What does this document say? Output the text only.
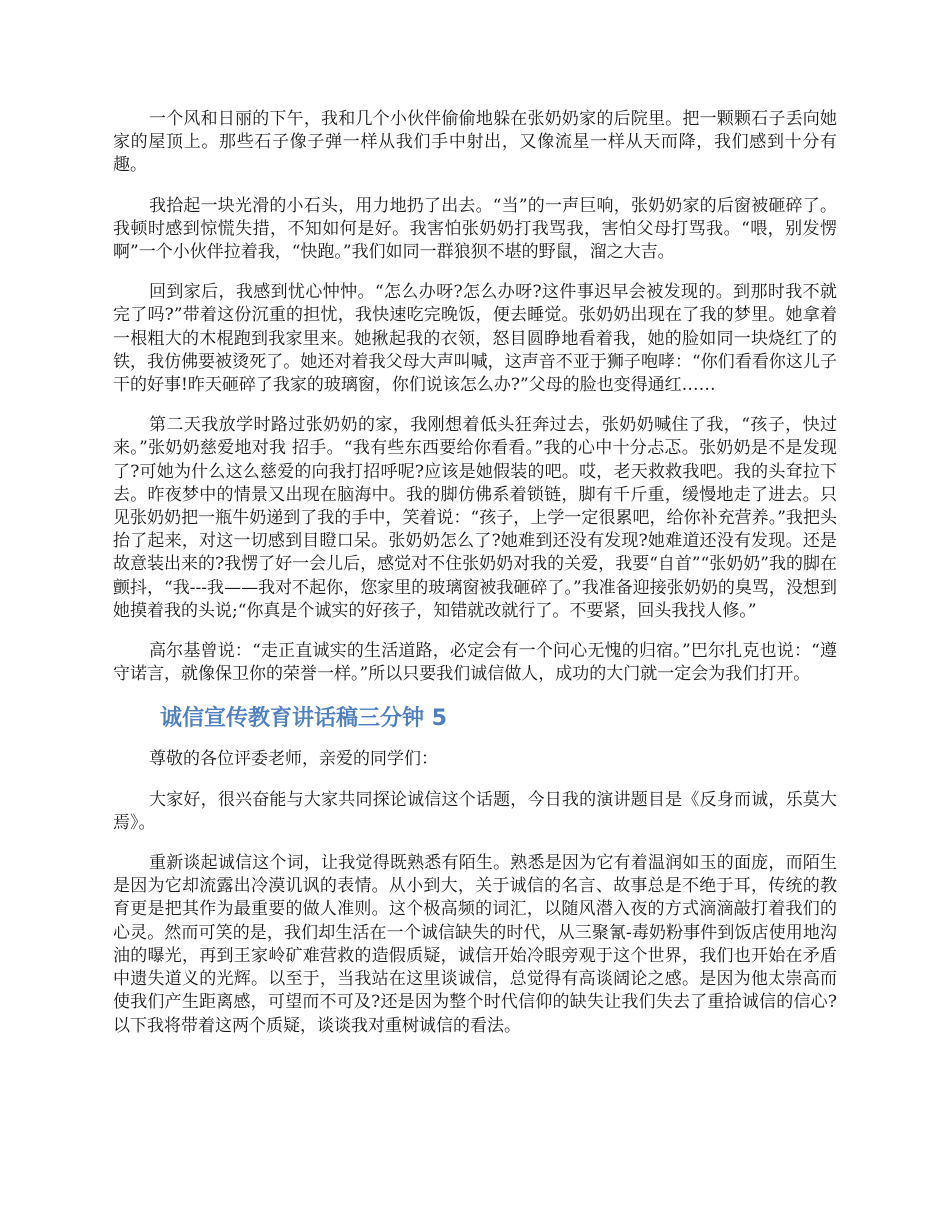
一个风和日丽的下午，我和几个小伙伴偷偷地躲在张奶奶家的后院里。把一颗颗石子丢向她家的屋顶上。那些石子像子弹一样从我们手中射出，又像流星一样从天而降，我们感到十分有趣。

我拾起一块光滑的小石头，用力地扔了出去。“当”的一声巨响，张奶奶家的后窗被砸碎了。我顿时感到惊慌失措，不知如何是好。我害怕张奶奶打我骂我，害怕父母打骂我。“喂，别发愣啊”一个小伙伴拉着我，“快跑。”我们如同一群狼狈不堪的野鼠，溜之大吉。

回到家后，我感到忧心忡忡。“怎么办呀?怎么办呀?这件事迟早会被发现的。到那时我不就完了吗?”带着这份沉重的担忧，我快速吃完晚饭，便去睡觉。张奶奶出现在了我的梦里。她拿着一根粗大的木棍跑到我家里来。她揪起我的衣领，怒目圆睁地看着我，她的脸如同一块烧红了的铁，我仿佛要被烫死了。她还对着我父母大声叫喊，这声音不亚于狮子咆哮：“你们看看你这儿子干的好事!昨天砸碎了我家的玻璃窗，你们说该怎么办?”父母的脸也变得通红……

第二天我放学时路过张奶奶的家，我刚想着低头狂奔过去，张奶奶喊住了我，“孩子，快过来。”张奶奶慈爱地对我 招手。“我有些东西要给你看看。”我的心中十分忐忑。张奶奶是不是发现了?可她为什么这么慈爱的向我打招呼呢?应该是她假装的吧。哎，老天救救我吧。我的头耷拉下去。昨夜梦中的情景又出现在脑海中。我的脚仿佛系着锁链，脚有千斤重，缓慢地走了进去。只见张奶奶把一瓶牛奶递到了我的手中，笑着说：“孩子，上学一定很累吧，给你补充营养。”我把头抬了起来，对这一切感到目瞪口呆。张奶奶怎么了?她难到还没有发现?她难道还没有发现。还是故意装出来的?我愣了好一会儿后，感觉对不住张奶奶对我的关爱，我要“自首”“张奶奶”我的脚在颤抖，“我---我——我对不起你，您家里的玻璃窗被我砸碎了。”我准备迎接张奶奶的臭骂，没想到她摸着我的头说;“你真是个诚实的好孩子，知错就改就行了。不要紧，回头我找人修。”

高尔基曾说：“走正直诚实的生活道路，必定会有一个问心无愧的归宿。”巴尔扎克也说：“遵守诺言，就像保卫你的荣誉一样。”所以只要我们诚信做人，成功的大门就一定会为我们打开。

诚信宣传教育讲话稿三分钟 5

尊敬的各位评委老师，亲爱的同学们：

大家好，很兴奋能与大家共同探论诚信这个话题，今日我的演讲题目是《反身而诚，乐莫大焉》。

重新谈起诚信这个词，让我觉得既熟悉有陌生。熟悉是因为它有着温润如玉的面庞，而陌生是因为它却流露出冷漠讥讽的表情。从小到大，关于诚信的名言、故事总是不绝于耳，传统的教育更是把其作为最重要的做人准则。这个极高频的词汇，以随风潜入夜的方式滴滴敲打着我们的心灵。然而可笑的是，我们却生活在一个诚信缺失的时代，从三聚氰-毒奶粉事件到饭店使用地沟油的曝光，再到王家岭矿难营救的造假质疑，诚信开始冷眼旁观于这个世界，我们也开始在矛盾中遗失道义的光辉。以至于，当我站在这里谈诚信，总觉得有高谈阔论之感。是因为他太崇高而使我们产生距离感，可望而不可及?还是因为整个时代信仰的缺失让我们失去了重拾诚信的信心?以下我将带着这两个质疑，谈谈我对重树诚信的看法。
